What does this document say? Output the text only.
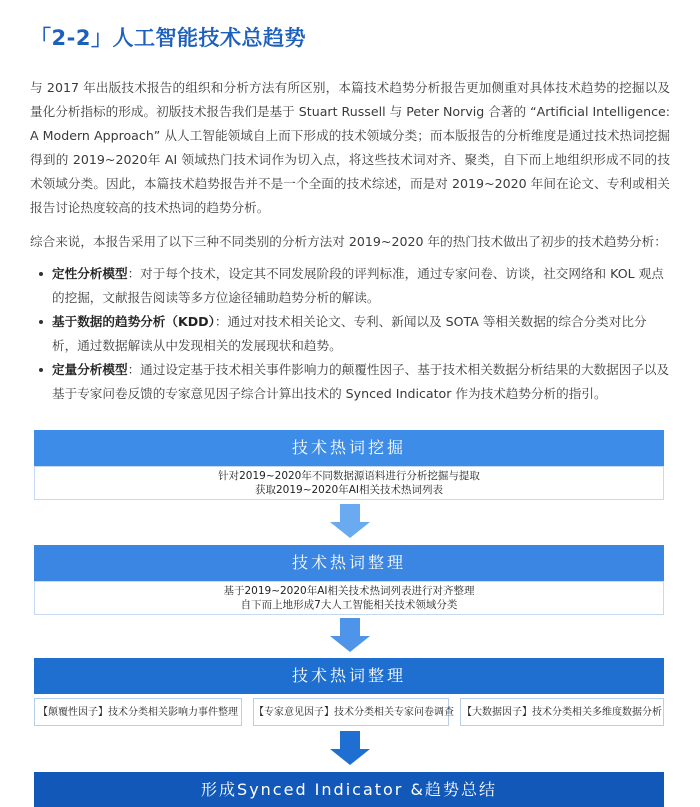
「2-2」人工智能技术总趋势

与 2017 年出版技术报告的组织和分析方法有所区别，本篇技术趋势分析报告更加侧重对具体技术趋势的挖掘以及量化分析指标的形成。初版技术报告我们是基于 Stuart Russell 与 Peter Norvig 合著的 “Artificial Intelligence: A Modern Approach” 从人工智能领域自上而下形成的技术领域分类；而本版报告的分析维度是通过技术热词挖掘得到的 2019~2020年 AI 领域热门技术词作为切入点，将这些技术词对齐、聚类，自下而上地组织形成不同的技术领域分类。因此，本篇技术趋势报告并不是一个全面的技术综述，而是对 2019~2020 年间在论文、专利或相关报告讨论热度较高的技术热词的趋势分析。

综合来说，本报告采用了以下三种不同类别的分析方法对 2019~2020 年的热门技术做出了初步的技术趋势分析：

定性分析模型：对于每个技术，设定其不同发展阶段的评判标准，通过专家问卷、访谈，社交网络和 KOL 观点的挖掘，文献报告阅读等多方位途径辅助趋势分析的解读。
基于数据的趋势分析（KDD）：通过对技术相关论文、专利、新闻以及 SOTA 等相关数据的综合分类对比分析，通过数据解读从中发现相关的发展现状和趋势。
定量分析模型：通过设定基于技术相关事件影响力的颠覆性因子、基于技术相关数据分析结果的大数据因子以及基于专家问卷反馈的专家意见因子综合计算出技术的 Synced Indicator 作为技术趋势分析的指引。
技术热词挖掘
针对2019~2020年不同数据源语料进行分析挖掘与提取
获取2019~2020年AI相关技术热词列表
技术热词整理
基于2019~2020年AI相关技术热词列表进行对齐整理
自下而上地形成7大人工智能相关技术领域分类
技术热词整理
【颠覆性因子】技术分类相关影响力事件整理	【专家意见因子】技术分类相关专家问卷调查 【大数据因子】技术分类相关多维度数据分析
形成Synced Indicator &趋势总结
